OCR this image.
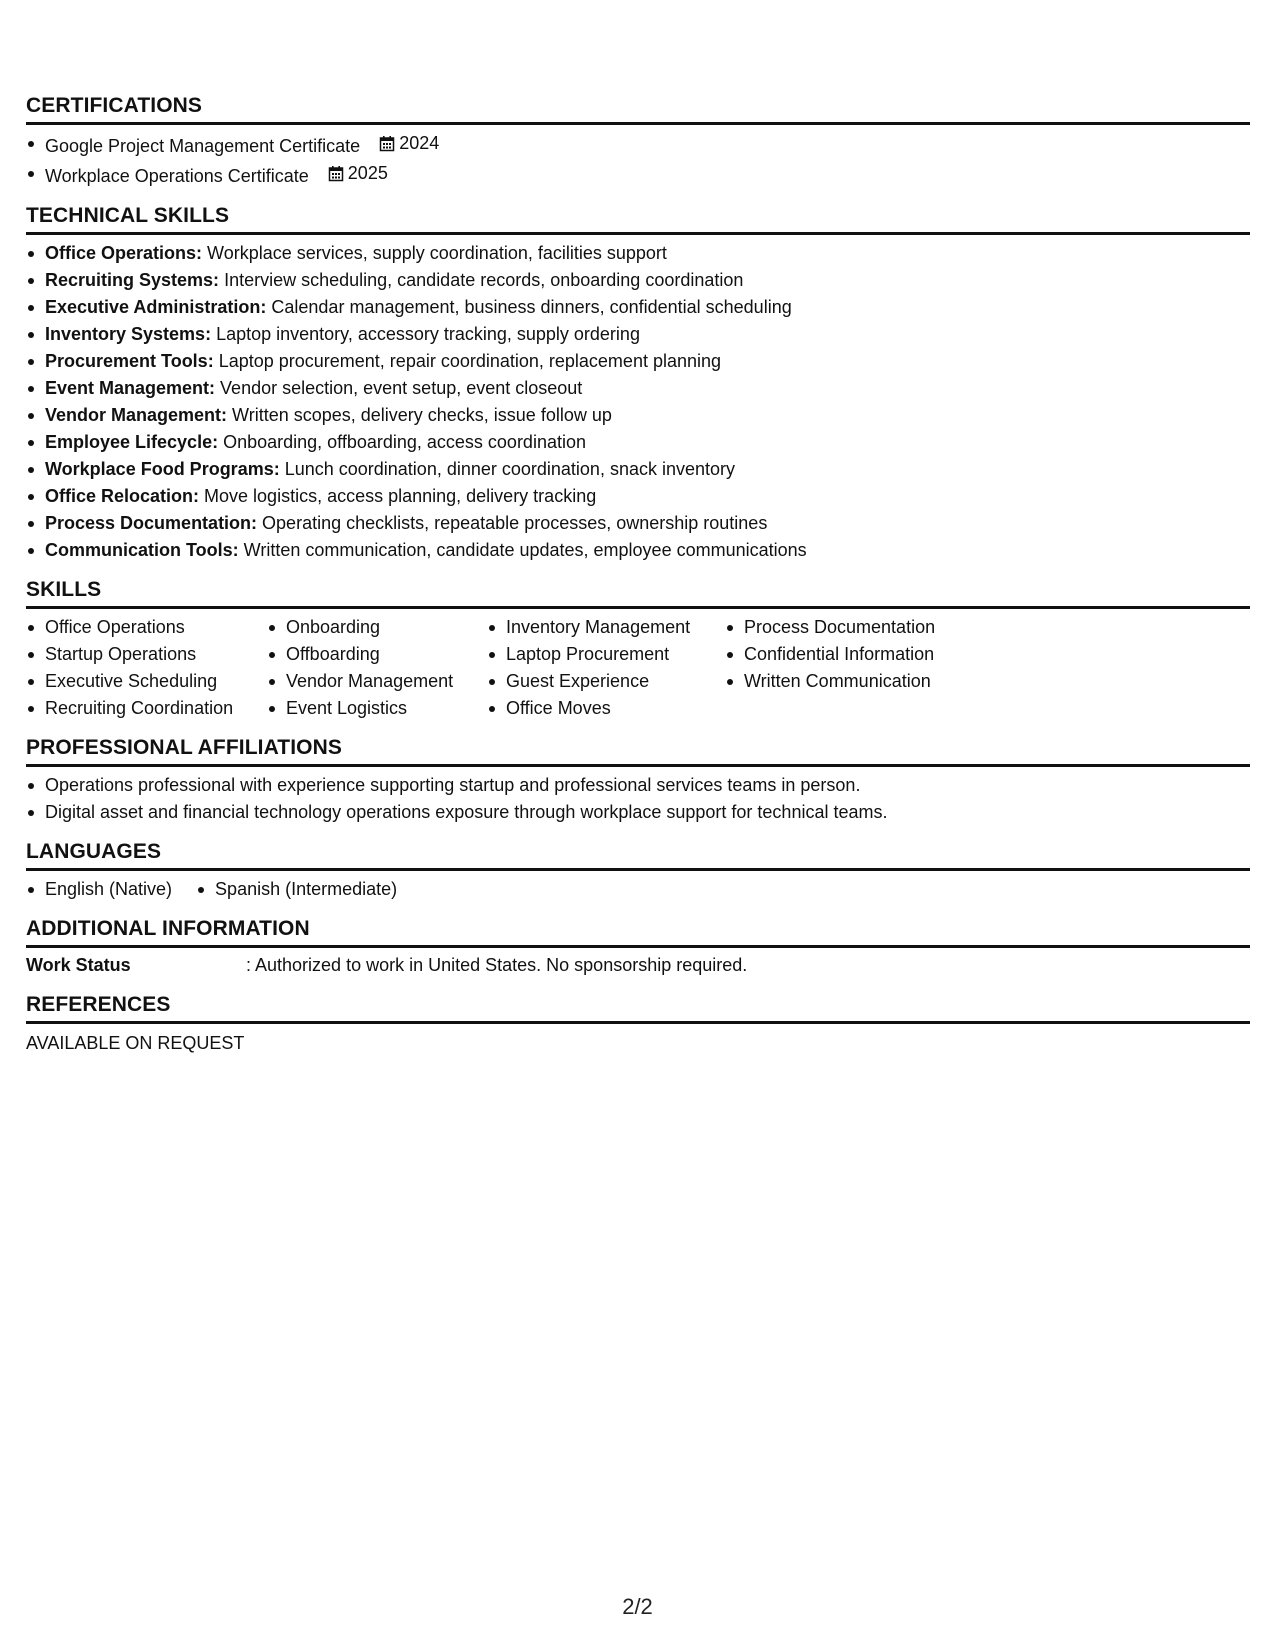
CERTIFICATIONS
Google Project Management Certificate 2024
Workplace Operations Certificate 2025
TECHNICAL SKILLS
Office Operations: Workplace services, supply coordination, facilities support
Recruiting Systems: Interview scheduling, candidate records, onboarding coordination
Executive Administration: Calendar management, business dinners, confidential scheduling
Inventory Systems: Laptop inventory, accessory tracking, supply ordering
Procurement Tools: Laptop procurement, repair coordination, replacement planning
Event Management: Vendor selection, event setup, event closeout
Vendor Management: Written scopes, delivery checks, issue follow up
Employee Lifecycle: Onboarding, offboarding, access coordination
Workplace Food Programs: Lunch coordination, dinner coordination, snack inventory
Office Relocation: Move logistics, access planning, delivery tracking
Process Documentation: Operating checklists, repeatable processes, ownership routines
Communication Tools: Written communication, candidate updates, employee communications
SKILLS
Office Operations
Startup Operations
Executive Scheduling
Recruiting Coordination
Onboarding
Offboarding
Vendor Management
Event Logistics
Inventory Management
Laptop Procurement
Guest Experience
Office Moves
Process Documentation
Confidential Information
Written Communication
PROFESSIONAL AFFILIATIONS
Operations professional with experience supporting startup and professional services teams in person.
Digital asset and financial technology operations exposure through workplace support for technical teams.
LANGUAGES
English (Native)	Spanish (Intermediate)
ADDITIONAL INFORMATION
Work Status	: Authorized to work in United States. No sponsorship required.
REFERENCES
AVAILABLE ON REQUEST
2/2
